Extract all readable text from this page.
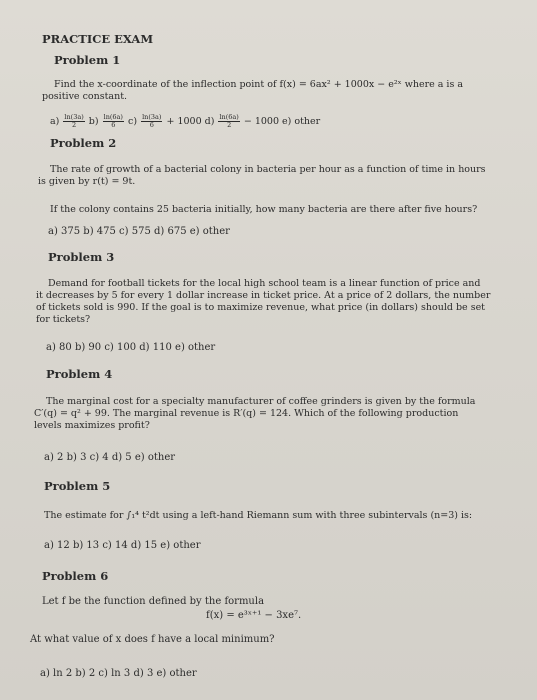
PRACTICE EXAM
Problem 1
Find the x-coordinate of the inflection point of f(x) = 6ax² + 1000x − e²ˣ where a is a
positive constant.
$a) \frac{\ln(3a)}{2} b) \frac{\ln(6a)}{6} c) \frac{\ln(3a)}{6} + 1000$ $d) \frac{\ln(6a)}{2} - 1000$ e) other
Problem 2
The rate of growth of a bacterial colony in bacteria per hour as a function of time in hours
is given by r(t) = 9t.
If the colony contains 25 bacteria initially, how many bacteria are there after five hours?
a) 375 b) 475 c) 575 d) 675 e) other
Problem 3
Demand for football tickets for the local high school team is a linear function of price and
it decreases by 5 for every 1 dollar increase in ticket price. At a price of 2 dollars, the number
of tickets sold is 990. If the goal is to maximize revenue, what price (in dollars) should be set
for tickets?
a) 80 b) 90 c) 100 d) 110 e) other
Problem 4
The marginal cost for a specialty manufacturer of coffee grinders is given by the formula
C′(q) = q² + 99. The marginal revenue is R′(q) = 124. Which of the following production
levels maximizes profit?
a) 2 b) 3 c) 4 d) 5 e) other
Problem 5
The estimate for ∫₁⁴ t²dt using a left-hand Riemann sum with three subintervals (n=3) is:
a) 12 b) 13 c) 14 d) 15 e) other
Problem 6
Let f be the function defined by the formula
f(x) = e³ˣ⁺¹ − 3xe⁷.
At what value of x does f have a local minimum?
a) ln 2 b) 2 c) ln 3 d) 3 e) other
